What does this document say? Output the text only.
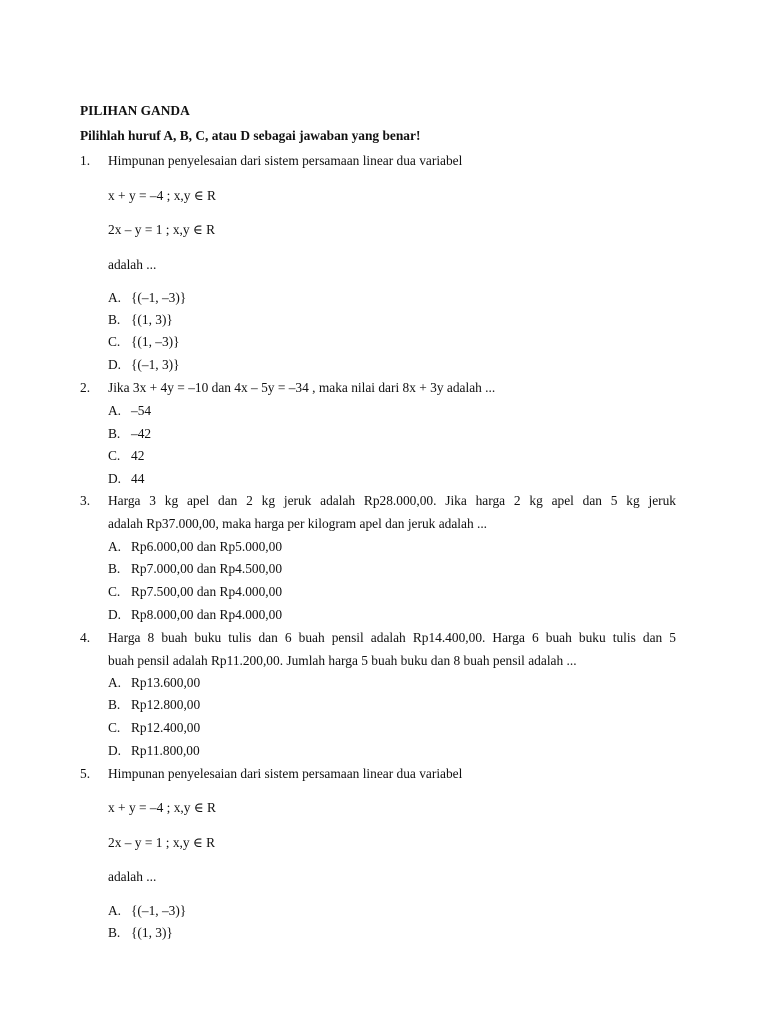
PILIHAN GANDA
Pilihlah huruf A, B, C, atau D sebagai jawaban yang benar!
1. Himpunan penyelesaian dari sistem persamaan linear dua variabel
x + y = –4 ; x,y ∈ R
2x – y = 1 ; x,y ∈ R
adalah ...
A. {(–1, –3)}
B. {(1, 3)}
C. {(1, –3)}
D. {(–1, 3)}
2. Jika 3x + 4y = –10 dan 4x – 5y = –34 , maka nilai dari 8x + 3y adalah ...
A. –54
B. –42
C. 42
D. 44
3. Harga 3 kg apel dan 2 kg jeruk adalah Rp28.000,00. Jika harga 2 kg apel dan 5 kg jeruk
adalah Rp37.000,00, maka harga per kilogram apel dan jeruk adalah ...
A. Rp6.000,00 dan Rp5.000,00
B. Rp7.000,00 dan Rp4.500,00
C. Rp7.500,00 dan Rp4.000,00
D. Rp8.000,00 dan Rp4.000,00
4. Harga 8 buah buku tulis dan 6 buah pensil adalah Rp14.400,00. Harga 6 buah buku tulis dan 5
buah pensil adalah Rp11.200,00. Jumlah harga 5 buah buku dan 8 buah pensil adalah ...
A. Rp13.600,00
B. Rp12.800,00
C. Rp12.400,00
D. Rp11.800,00
5. Himpunan penyelesaian dari sistem persamaan linear dua variabel
x + y = –4 ; x,y ∈ R
2x – y = 1 ; x,y ∈ R
adalah ...
A. {(–1, –3)}
B. {(1, 3)}
